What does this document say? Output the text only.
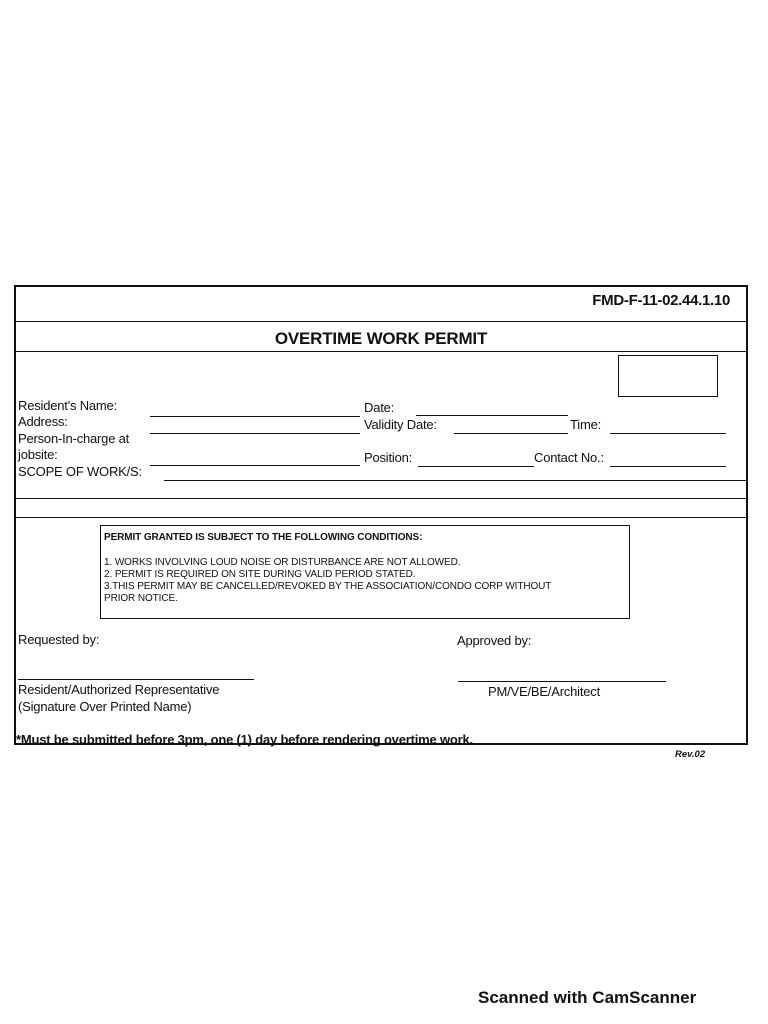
FMD-F-11-02.44.1.10
OVERTIME WORK PERMIT
Resident's Name:
Address:
Person-In-charge at
jobsite:
SCOPE OF WORK/S:
Date:
Validity Date:	Time:
Position:	Contact No.:
PERMIT GRANTED IS SUBJECT TO THE FOLLOWING CONDITIONS:
1. WORKS INVOLVING LOUD NOISE OR DISTURBANCE ARE NOT ALLOWED.
2. PERMIT IS REQUIRED ON SITE DURING VALID PERIOD STATED.
3.THIS PERMIT MAY BE CANCELLED/REVOKED BY THE ASSOCIATION/CONDO CORP WITHOUT
PRIOR NOTICE.
Requested by:	Approved by:
Resident/Authorized Representative
(Signature Over Printed Name)
PM/VE/BE/Architect
*Must be submitted before 3pm, one (1) day before rendering overtime work.
Rev.02
Scanned with CamScanner
